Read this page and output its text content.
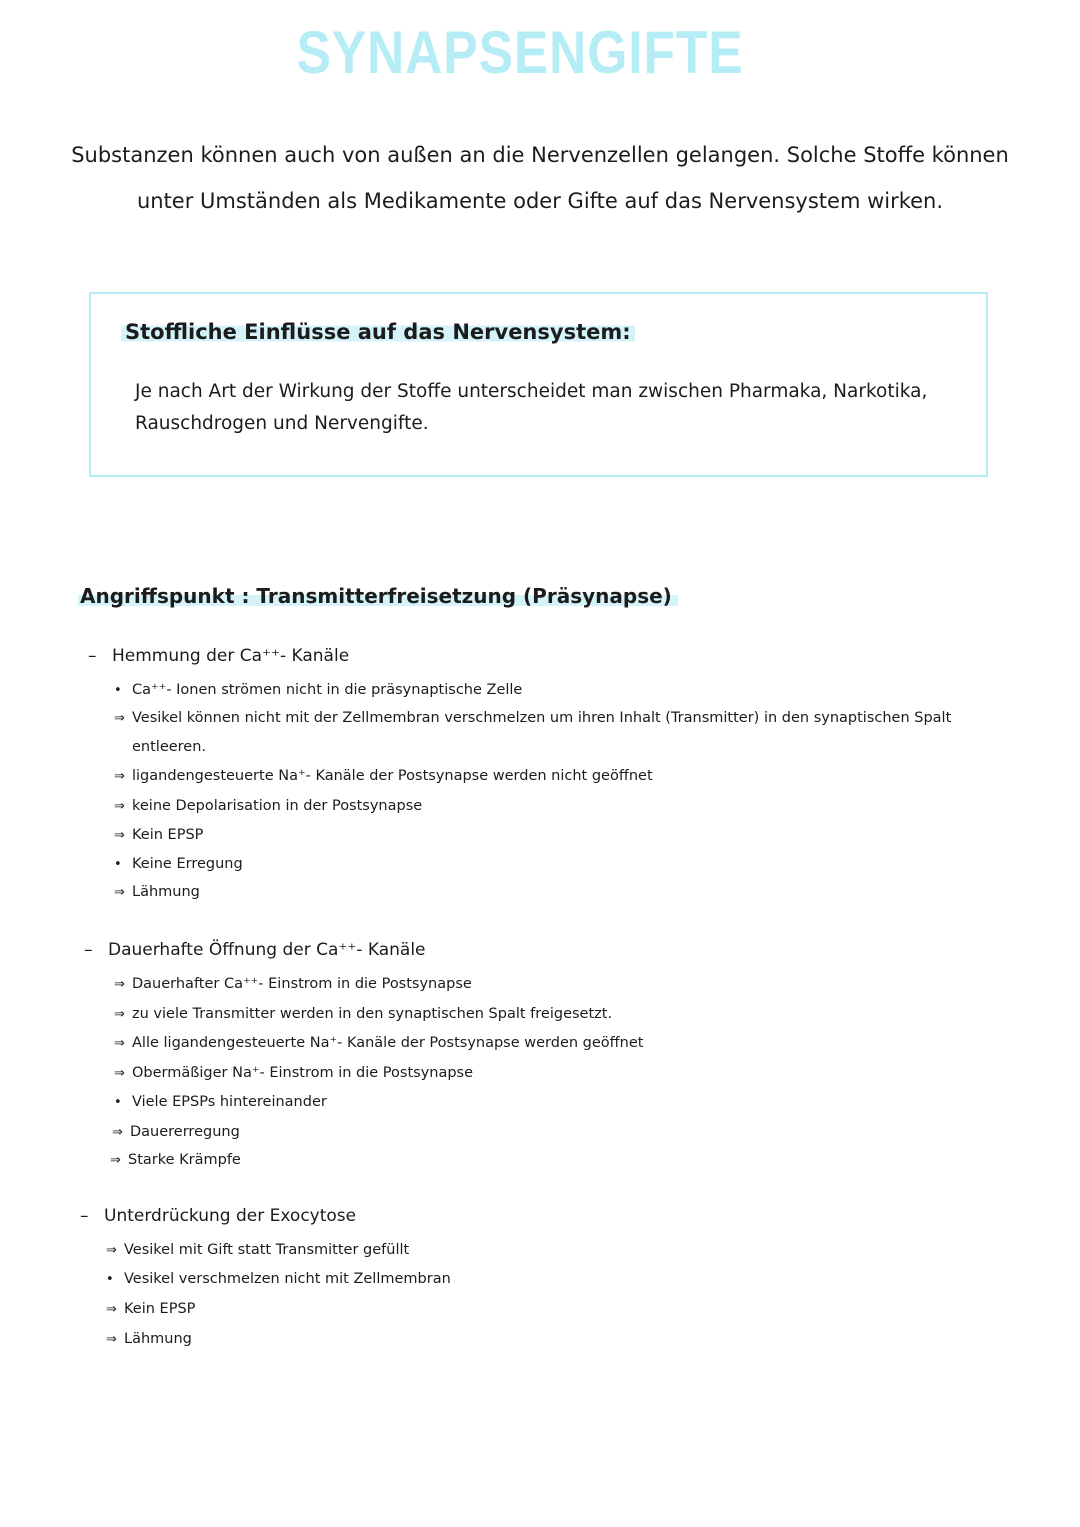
SYNAPSENGIFTE
Substanzen können auch von außen an die Nervenzellen gelangen. Solche Stoffe können
unter Umständen als Medikamente oder Gifte auf das Nervensystem wirken.
Stoffliche Einflüsse auf das Nervensystem:
Je nach Art der Wirkung der Stoffe unterscheidet man zwischen Pharmaka, Narkotika,
Rauschdrogen und Nervengifte.
Angriffspunkt : Transmitterfreisetzung (Präsynapse)
– Hemmung der Ca⁺⁺- Kanäle
• Ca⁺⁺- Ionen strömen nicht in die präsynaptische Zelle
⇒ Vesikel können nicht mit der Zellmembran verschmelzen um ihren Inhalt (Transmitter) in den synaptischen Spalt
entleeren.
⇒ ligandengesteuerte Na⁺- Kanäle der Postsynapse werden nicht geöffnet
⇒ keine Depolarisation in der Postsynapse
⇒ Kein EPSP
• Keine Erregung
⇒ Lähmung
– Dauerhafte Öffnung der Ca⁺⁺- Kanäle
⇒ Dauerhafter Ca⁺⁺- Einstrom in die Postsynapse
⇒ zu viele Transmitter werden in den synaptischen Spalt freigesetzt.
⇒ Alle ligandengesteuerte Na⁺- Kanäle der Postsynapse werden geöffnet
⇒ Obermäßiger Na⁺- Einstrom in die Postsynapse
• Viele EPSPs hintereinander
⇒ Dauererregung
⇒ Starke Krämpfe
– Unterdrückung der Exocytose
⇒ Vesikel mit Gift statt Transmitter gefüllt
• Vesikel verschmelzen nicht mit Zellmembran
⇒ Kein EPSP
⇒ Lähmung
